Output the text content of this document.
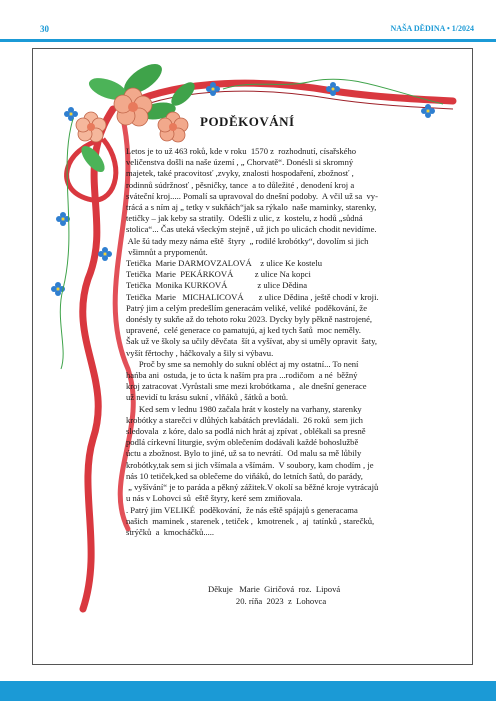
30	NAŠA DĚDINA • 1/2024
PODĚKOVÁNÍ
Letos je to už 463 roků, kde v roku  1570 z  rozhodnutí, císařského
veličenstva došli na naše území , „ Chorvatě“. Donésli si skromný
majetek, také pracovitosť ,zvyky, znalosti hospodaření, zbožnosť ,
rodinnů súdržnosť , pěsničky, tance  a to důležité , denodení kroj a
sváteční kroj..... Pomalí sa upravoval do dnešní podoby.  A včil už sa  vy-
trácá a s ním aj „ tetky v sukňách“jak sa rýkalo  naše maminky, starenky,
tetičky – jak keby sa stratily.  Odešli z ulic, z  kostelu, z hodů „sůdná
stolica“... Čas uteká všeckým stejně , už jich po ulicách chodit nevidíme.
Ale šú tady mezy náma eště  štyry  „ rodilé krobótky“, dovolím si jich
všimnůt a prypomenůt.
Tetička  Marie DARMOVZALOVÁ    z ulice Ke kostelu
Tetička  Marie  PEKÁRKOVÁ          z ulice Na kopci
Tetička  Monika KURKOVÁ              z ulice Dědina
Tetička  Marie   MICHALICOVÁ       z ulice Dědina , ještě chodí v kroji.
Patrý jim a celým predešlím generacám veliké, veliké  poděkování, že
donésly ty sukňe až do tehoto roku 2023. Dycky byly pěkně nastrojené,
upravené,  celé generace co pamatujú, aj ked tych šatů  moc neměly.
Šak už ve školy sa učily děvčata  šít a vyšívat, aby si uměly opravit  šaty,
vyšít fěrtochy , háčkovaly a šily si výbavu.
Proč by sme sa nemohly do sukní obléct aj my ostatní... To není
hańba ani  ostuda, je to úcta k naším pra pra ...rodičom  a né  běžný
kroj zatracovat .Vyrůstali sme mezi krobótkama ,  ale dnešní generace
už nevidí tu krásu sukní , vlňáků , šátků a botů.
Ked sem v lednu 1980 začala hrát v kostely na varhany, starenky
krobótky a starečci v dlůhých kabátách prevládali.  26 roků  sem jich
sledovala  z kóre, dalo sa podlá nich hrát aj zpívat , oblékali sa presně
podlá církevní liturgie, svým oblečením dodávali každé bohoslužbě
úctu a zbožnost. Bylo to jiné, už sa to nevrátí.  Od malu sa mě lůbily
krobótky,tak sem si jich všímala a všímám.  V soubory, kam chodím , je
nás 10 tetiček,ked sa oblečeme do viňáků, do letních šatů, do parády,
„ vyšívání“ je to paráda a pěkný zážitek.V okolí sa běžné kroje vytrácajů
u nás v Lohovci sů  eště štyry, keré sem zmiňovala.
. Patrý jim VELIKÉ  poděkování,  že nás eště spájajů s generacama
našich  maminek , starenek , tetiček ,  kmotrenek ,  aj  tatínků , starečků,
strýčků  a  kmocháčků.....
Děkuje   Marie  Giričová  roz.  Lipová
20. ríňa  2023  z  Lohovca
